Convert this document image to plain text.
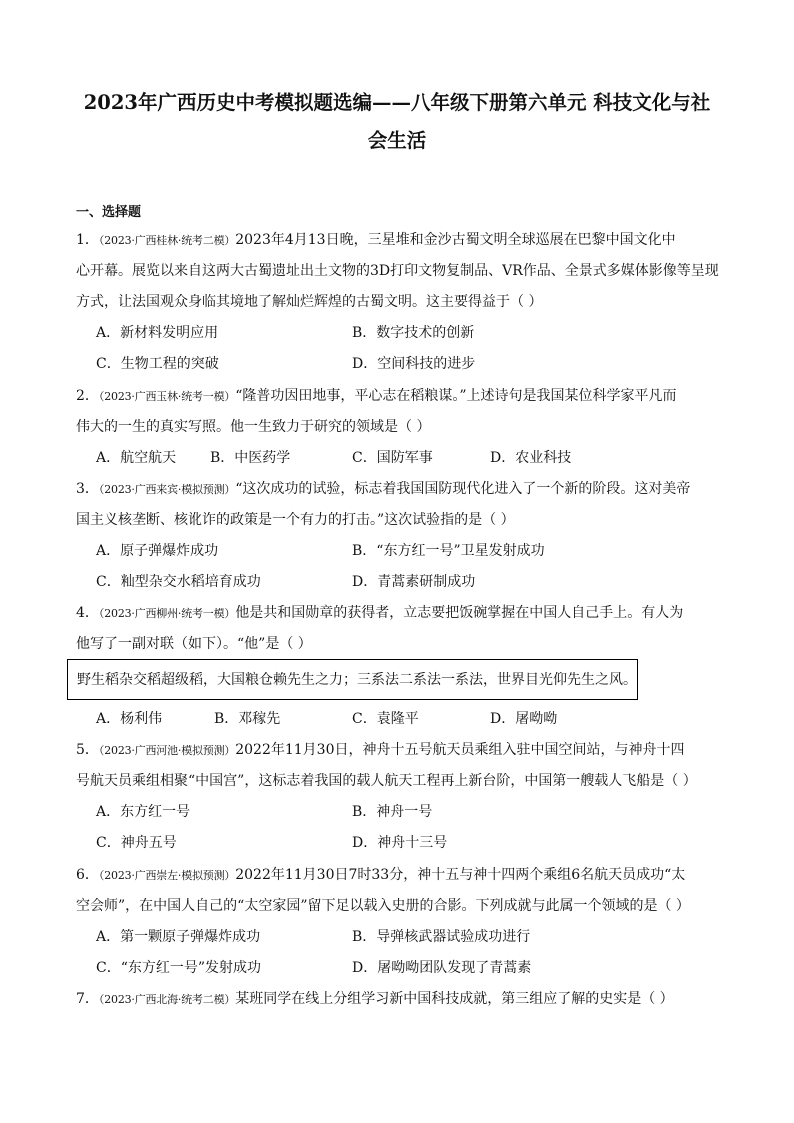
2023年广西历史中考模拟题选编——八年级下册第六单元 科技文化与社
会生活
一、选择题
1．（2023·广西桂林·统考二模）2023年4月13日晚，三星堆和金沙古蜀文明全球巡展在巴黎中国文化中
心开幕。展览以来自这两大古蜀遗址出土文物的3D打印文物复制品、VR作品、全景式多媒体影像等呈现
方式，让法国观众身临其境地了解灿烂辉煌的古蜀文明。这主要得益于（ ）
A．新材料发明应用	B．数字技术的创新
C．生物工程的突破	D．空间科技的进步
2．（2023·广西玉林·统考一模）“隆普功因田地事，平心志在稻粮谋。”上述诗句是我国某位科学家平凡而
伟大的一生的真实写照。他一生致力于研究的领域是（ ）
A．航空航天 B．中医药学	C．国防军事	D．农业科技
3．（2023·广西来宾·模拟预测）“这次成功的试验，标志着我国国防现代化进入了一个新的阶段。这对美帝
国主义核垄断、核讹诈的政策是一个有力的打击。”这次试验指的是（ ）
A．原子弹爆炸成功	B．“东方红一号”卫星发射成功
C．籼型杂交水稻培育成功	D．青蒿素研制成功
4．（2023·广西柳州·统考一模）他是共和国勋章的获得者，立志要把饭碗掌握在中国人自己手上。有人为
他写了一副对联（如下）。“他”是（ ）
野生稻杂交稻超级稻，大国粮仓赖先生之力；三系法二系法一系法，世界目光仰先生之风。
A．杨利伟	B．邓稼先	C．袁隆平	D．屠呦呦
5．（2023·广西河池·模拟预测）2022年11月30日，神舟十五号航天员乘组入驻中国空间站，与神舟十四
号航天员乘组相聚“中国宫”，这标志着我国的载人航天工程再上新台阶，中国第一艘载人飞船是（ ）
A．东方红一号	B．神舟一号
C．神舟五号	D．神舟十三号
6．（2023·广西崇左·模拟预测）2022年11月30日7时33分，神十五与神十四两个乘组6名航天员成功“太
空会师”，在中国人自己的“太空家园”留下足以载入史册的合影。下列成就与此属一个领域的是（ ）
A．第一颗原子弹爆炸成功	B．导弹核武器试验成功进行
C．“东方红一号”发射成功	D．屠呦呦团队发现了青蒿素
7．（2023·广西北海·统考二模）某班同学在线上分组学习新中国科技成就，第三组应了解的史实是（ ）
